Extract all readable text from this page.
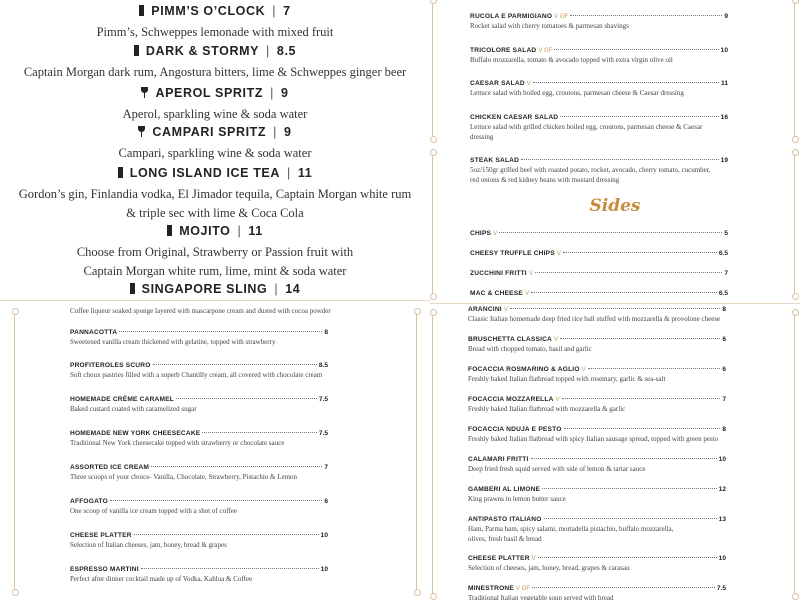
PIMM’S O’CLOCK | 7
Pimm’s, Schweppes lemonade with mixed fruit
DARK & STORMY | 8.5
Captain Morgan dark rum, Angostura bitters, lime & Schweppes ginger beer
APEROL SPRITZ | 9
Aperol, sparkling wine & soda water
CAMPARI SPRITZ | 9
Campari, sparkling wine & soda water
LONG ISLAND ICE TEA | 11
Gordon’s gin, Finlandia vodka, El Jimador tequila, Captain Morgan white rum
& triple sec with lime & Coca Cola
MOJITO | 11
Choose from Original, Strawberry or Passion fruit with
Captain Morgan white rum, lime, mint & soda water
SINGAPORE SLING | 14
Coffee liqueur soaked sponge layered with mascarpone cream and dusted with cocoa powder
PANNACOTTA	8
Sweetened vanilla cream thickened with gelatine, topped with strawberry
PROFITEROLES SCURO	8.5
Soft choux pastries filled with a superb Chantilly cream, all covered with chocolate cream
HOMEMADE CRÈME CARAMEL	7.5
Baked custard coated with caramelized sugar
HOMEMADE NEW YORK CHEESECAKE	7.5
Traditional New York cheesecake topped with strawberry or chocolate sauce
ASSORTED ICE CREAM	7
Three scoops of your choice- Vanilla, Chocolate, Strawberry, Pistachio & Lemon
AFFOGATO	6
One scoop of vanilla ice cream topped with a shot of coffee
CHEESE PLATTER	10
Selection of Italian cheeses, jam, honey, bread & grapes
ESPRESSO MARTINI	10
Perfect after dinner cocktail made up of Vodka, Kahlua & Coffee
Sides
RUCOLA E PARMIGIANO V GF	9
Rocket salad with cherry tomatoes & parmesan shavings
TRICOLORE SALAD V GF	10
Buffalo mozzarella, tomato & avocado topped with extra virgin olive oil
CAESAR SALAD V	11
Lettuce salad with boiled egg, croutons, parmesan cheese & Caesar dressing
CHICKEN CAESAR SALAD	16
Lettuce salad with grilled chicken boiled egg, croutons, parmesan cheese & Caesar
dressing
STEAK SALAD	19
5oz/150gr grilled beef with roasted potato, rocket, avocado, cherry tomato, cucumber,
red onions & red kidney beans with mustard dressing
CHIPS V	5
CHEESY TRUFFLE CHIPS V	6.5
ZUCCHINI FRITTI V	7
MAC & CHEESE V	6.5
ARANCINI V	8
Classic Italian homemade deep fried rice ball stuffed with mozzarella & provolone cheese
BRUSCHETTA CLASSICA V	6
Bread with chopped tomato, basil and garlic
FOCACCIA ROSMARINO & AGLIO V	6
Freshly baked Italian flatbread topped with rosemary, garlic & sea-salt
FOCACCIA MOZZARELLA V	7
Freshly baked Italian flatbread with mozzarella & garlic
FOCACCIA NDUJA E PESTO	8
Freshly baked Italian flatbread with spicy Italian sausage spread, topped with green pesto
CALAMARI FRITTI	10
Deep fried fresh squid served with side of lemon & tartar sauce
GAMBERI AL LIMONE	12
King prawns in lemon butter sauce
ANTIPASTO ITALIANO	13
Ham, Parma ham, spicy salami, mortadella pistachio, buffalo mozzarella,
olives, fresh basil & bread
CHEESE PLATTER V	10
Selection of cheeses, jam, honey, bread, grapes & carasau
MINESTRONE V GF	7.5
Traditional Italian vegetable soup served with bread
